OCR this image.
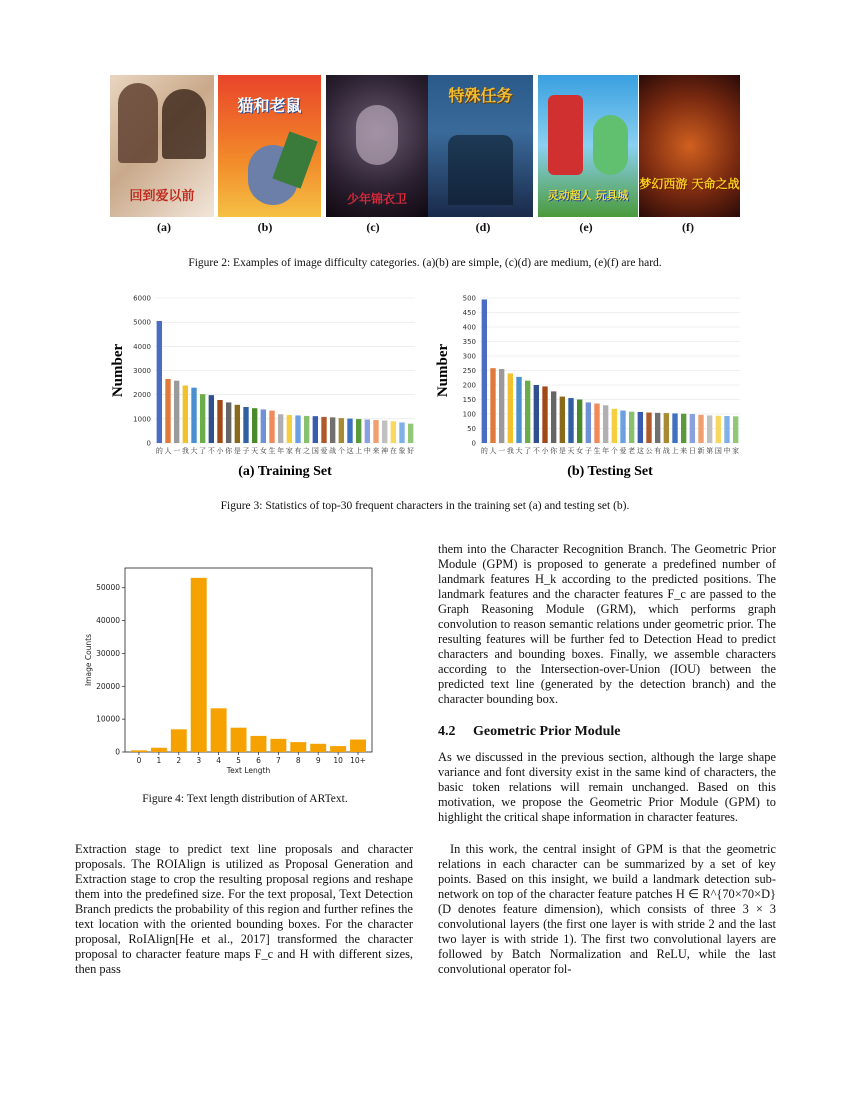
回到爱以前
猫和老鼠
少年锦衣卫
特殊任务
灵动超人 玩具城
梦幻西游 天命之战
(a)	(b)	(c)	(d)	(e)	(f)
Figure 2: Examples of image difficulty categories. (a)(b) are simple, (c)(d) are medium, (e)(f) are hard.
0
1000
2000
3000
4000
5000
6000
的 人 一 我 大 了 不 小 你 是 子 天 女 生 年 家 有 之 国 爱 战 个 这 上 中 来 神 在 象 好
Number
(a) Training Set
0
50
100
150
200
250
300
350
400
450
500
的 人 一 我 大 了 不 小 你 是 天 女 子 生 年 个 爱 老 这 公 有 战 上 来 日 新 第 国 中 家
Number
(b) Testing Set
Figure 3: Statistics of top-30 frequent characters in the training set (a) and testing set (b).
0
10000
20000
30000
40000
50000
0 1 2 3 4 5 6 7 8 9 10 10+
Text Length
Image Counts
Figure 4: Text length distribution of ARText.

Extraction stage to predict text line proposals and character proposals. The ROIAlign is utilized as Proposal Generation and Extraction stage to crop the resulting proposal regions and reshape them into the predefined size. For the text proposal, Text Detection Branch predicts the probability of this region and further refines the text location with the oriented bounding boxes. For the character proposal, RoIAlign[He et al., 2017] transformed the character proposal to character feature maps F_c and H with different sizes, then pass

them into the Character Recognition Branch. The Geometric Prior Module (GPM) is proposed to generate a predefined number of landmark features H_k according to the predicted positions. The landmark features and the character features F_c are passed to the Graph Reasoning Module (GRM), which performs graph convolution to reason semantic relations under geometric prior. The resulting features will be further fed to Detection Head to predict characters and bounding boxes. Finally, we assemble characters according to the Intersection-over-Union (IOU) between the predicted text line (generated by the detection branch) and the character bounding box.

4.2 Geometric Prior Module

As we discussed in the previous section, although the large shape variance and font diversity exist in the same kind of characters, the basic token relations will remain unchanged. Based on this motivation, we propose the Geometric Prior Module (GPM) to highlight the critical shape information in character features.

In this work, the central insight of GPM is that the geometric relations in each character can be summarized by a set of key points. Based on this insight, we build a landmark detection sub-network on top of the character feature patches H ∈ R^{70×70×D} (D denotes feature dimension), which consists of three 3 × 3 convolutional layers (the first one layer is with stride 2 and the last two layer is with stride 1). The first two convolutional layers are followed by Batch Normalization and ReLU, while the last convolutional operator fol-
